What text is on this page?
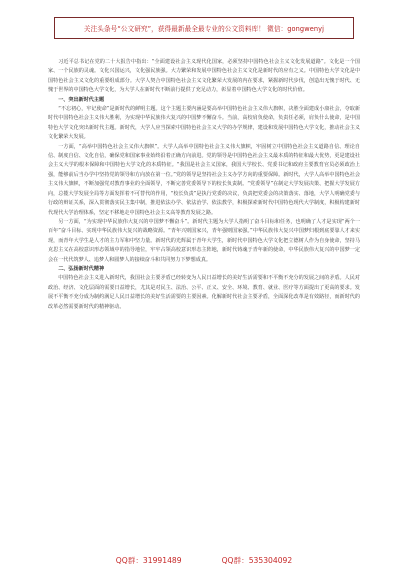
关注头条号“公文研究”，获得最新最全最专业的公文资料库！ 微信：gongwenyj

习近平总书记在党的二十大报告中指出：“全面建设社会主义现代化国家，必须坚持中国特色社会主义文化发展道路”。文化是一个国家、一个民族的灵魂。文化兴国运兴，文化强民族强。大力繁荣和发展中国特色社会主义文化是新时代的应有之义。中国特色大学文化是中国特色社会主义文化的重要组成部分。大学人契合中国特色社会主义文化繁荣大发展的内在要求，紧握新时代步伐，创造出无愧于时代、无愧于世界的中国特色大学文化，为大学人在新时代不断前行提供了充足动力，彰显着中国特色大学文化的时代价值。

一、突出新时代主题

“不忘初心，牢记使命”是新时代的鲜明主题。这个主题主要内涵是要高举中国特色社会主义伟大旗帜，决胜全面建成小康社会，夺取新时代中国特色社会主义伟大胜利，为实现中华民族伟大复兴的中国梦不懈奋斗。当前，高校肩负使命，负责任必须，肩负什么使命，是中国特色大学文化突出新时代主题。新时代，大学人应当探索中国特色社会主义大学的办学规律，建设和发展中国特色大学文化，推动社会主义文化繁荣大发展。

一方面，“高举中国特色社会主义伟大旗帜”。大学人高举中国特色社会主义伟大旗帜，牢固树立中国特色社会主义道路自信、理论自信、制度自信、文化自信，确保党和国家事业始终沿着正确方向前进。党的领导是中国特色社会主义最本质的特征和最大优势，更是建设社会主义大学的根本保障和中国特色大学文化的本质特征。“我国是社会主义国家，我国大学校长、党委书记和政府主要教育官员必须政治上强，能够前后当办学中坚持党的领导和方向放在第一位。”党的领导是坚持社会主义办学方向的重要保障。新时代，大学人高举中国特色社会主义伟大旗帜，不断加强党对教育事业的全面领导，不断完善党委领导下的校长负责制。“党委领导”在制定大学发展决策、把握大学发展方向，总揽大学发展全局等方面发挥着不可替代的作用，“校长负责”是执行党委的决议，负责把党委会的决策落实、落地，大学人明确党委与行政的辩证关系，深入贯彻落实民主集中制，推进依法办学、依法治学、依法教学，积极探索新时代中国特色现代大学制度，积极构建新时代现代大学治理体系，坚定不移地走中国特色社会主义高等教育发展之路。

另一方面，“为实现中华民族伟大复兴的中国梦不懈奋斗”。新时代主题为大学人指明了奋斗目标和任务，也明确了人才是实现“两个一百年”奋斗目标、实现中华民族伟大复兴的战略资源。“青年兴则国家兴，青年强则国家强。”中华民族伟大复兴中国梦归根到底要靠人才来实现，而青年大学生是人才的主力军和中坚力量。新时代的光辉属于青年大学生，新时代中国特色大学文化把立德树人作为自身使命，坚持马克思主义在高校意识形态领域中的指导地位，牢牢占领高校意识形态主阵地，新时代铸魂于青年新的使命，中华民族伟大复兴的中国梦一定会在一代代筑梦人、追梦人和圆梦人的接续奋斗和共同努力下梦想成真。

二、弘扬新时代精神

中国特色社会主义进入新时代，我国社会主要矛盾已经转变为人民日益增长的美好生活需要和不平衡不充分的发展之间的矛盾。人民对政治、经济、文化层面的需要日益增长，尤其是对民主、法治、公平、正义、安全、环境、教育、就业、医疗等方面提出了更高的要求。发展不平衡不充分成为制约满足人民日益增长的美好生活需要的主要因素。化解新时代社会主要矛盾，全面深化改革是有效路径，而新时代的改革必然需要新时代的精神驱动。

QQ群：31991489	QQ群：535304092
